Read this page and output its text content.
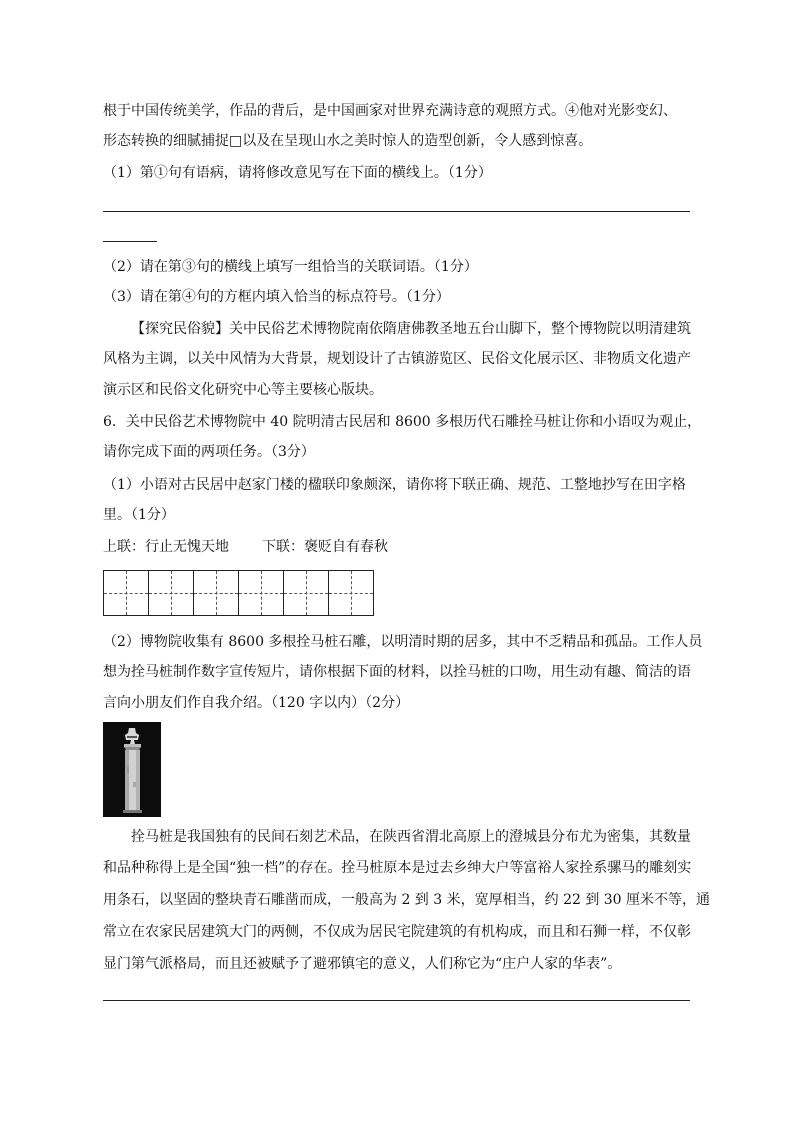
根于中国传统美学，作品的背后，是中国画家对世界充满诗意的观照方式。④他对光影变幻、
形态转换的细腻捕捉□以及在呈现山水之美时惊人的造型创新，令人感到惊喜。
（1）第①句有语病，请将修改意见写在下面的横线上。（1分）
（2）请在第③句的横线上填写一组恰当的关联词语。（1分）
（3）请在第④句的方框内填入恰当的标点符号。（1分）
【探究民俗貌】关中民俗艺术博物院南依隋唐佛教圣地五台山脚下，整个博物院以明清建筑
风格为主调，以关中风情为大背景，规划设计了古镇游览区、民俗文化展示区、非物质文化遗产
演示区和民俗文化研究中心等主要核心版块。
6．关中民俗艺术博物院中 40 院明清古民居和 8600 多根历代石雕拴马桩让你和小语叹为观止，
请你完成下面的两项任务。（3分）
（1）小语对古民居中赵家门楼的楹联印象颇深，请你将下联正确、规范、工整地抄写在田字格
里。（1分）
上联：行止无愧天地	下联：褒贬自有春秋
（2）博物院收集有 8600 多根拴马桩石雕，以明清时期的居多，其中不乏精品和孤品。工作人员
想为拴马桩制作数字宣传短片，请你根据下面的材料，以拴马桩的口吻，用生动有趣、简洁的语
言向小朋友们作自我介绍。（120 字以内）（2分）
拴马桩是我国独有的民间石刻艺术品，在陕西省渭北高原上的澄城县分布尤为密集，其数量
和品种称得上是全国“独一档”的存在。拴马桩原本是过去乡绅大户等富裕人家拴系骡马的雕刻实
用条石，以坚固的整块青石雕凿而成，一般高为 2 到 3 米，宽厚相当，约 22 到 30 厘米不等，通
常立在农家民居建筑大门的两侧，不仅成为居民宅院建筑的有机构成，而且和石狮一样，不仅彰
显门第气派格局，而且还被赋予了避邪镇宅的意义，人们称它为“庄户人家的华表”。
